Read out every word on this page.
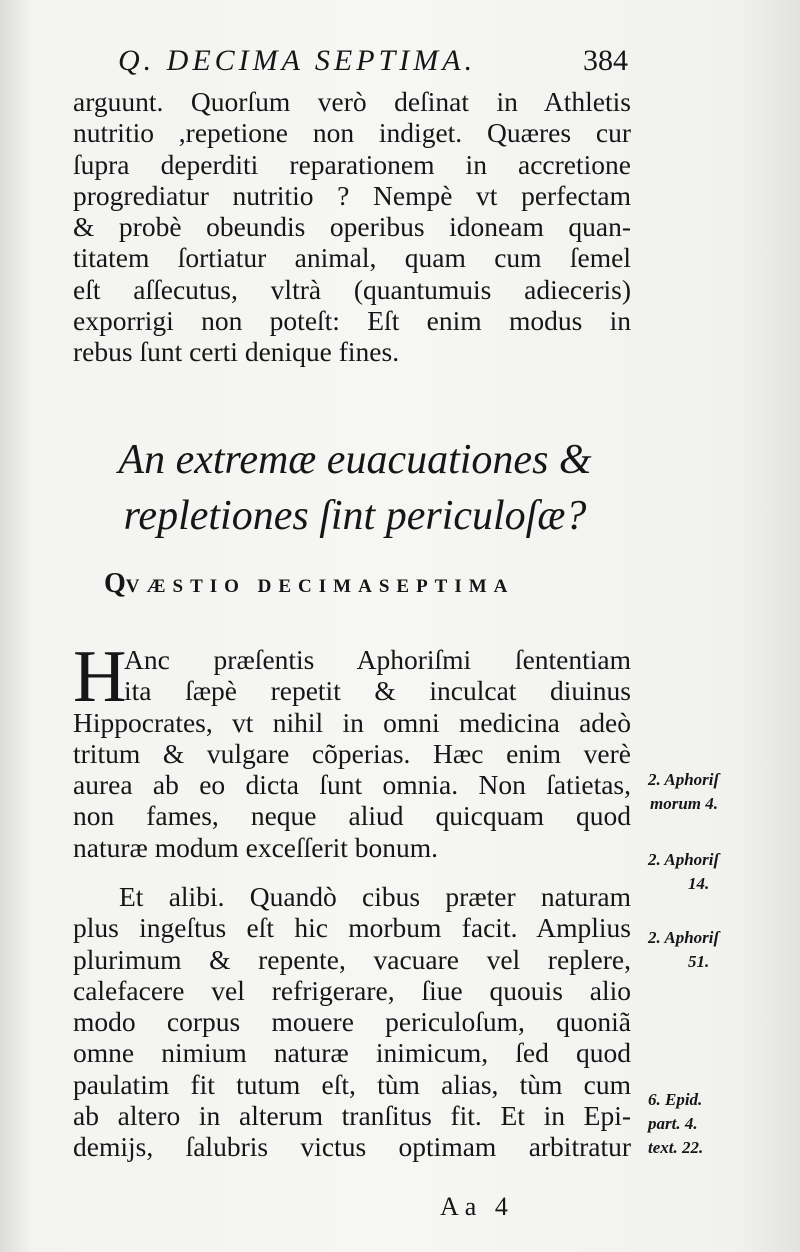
Q. DECIMA SEPTIMA.	384
arguunt. Quorſum verò deſinat in Athletis
nutritio ,repetione non indiget. Quæres cur
ſupra deperditi reparationem in accretione
progrediatur nutritio ? Nempè vt perfectam
& probè obeundis operibus idoneam quan-
titatem ſortiatur animal, quam cum ſemel
eſt aſſecutus, vltrà (quantumuis adieceris)
exporrigi non poteſt: Eſt enim modus in
rebus ſunt certi denique fines.
An extremæ euacuationes &
repletiones ſint periculoſæ?
QVÆSTIO DECIMASEPTIMA
H
Anc præſentis Aphoriſmi ſententiam
ita ſæpè repetit & inculcat diuinus
Hippocrates, vt nihil in omni medicina adeò
tritum & vulgare cõperias. Hæc enim verè
aurea ab eo dicta ſunt omnia. Non ſatietas,
non fames, neque aliud quicquam quod
naturæ modum exceſſerit bonum.
Et alibi. Quandò cibus præter naturam
plus ingeſtus eſt hic morbum facit. Amplius
plurimum & repente, vacuare vel replere,
calefacere vel refrigerare, ſiue quouis alio
modo corpus mouere periculoſum, quoniã
omne nimium naturæ inimicum, ſed quod
paulatim fit tutum eſt, tùm alias, tùm cum
ab altero in alterum tranſitus fit. Et in Epi-
demijs, ſalubris victus optimam arbitratur
2. Aphoriſ
morum 4.
2. Aphoriſ
14.
2. Aphoriſ
51.
6. Epid.
part. 4.
text. 22.
Aa 4
